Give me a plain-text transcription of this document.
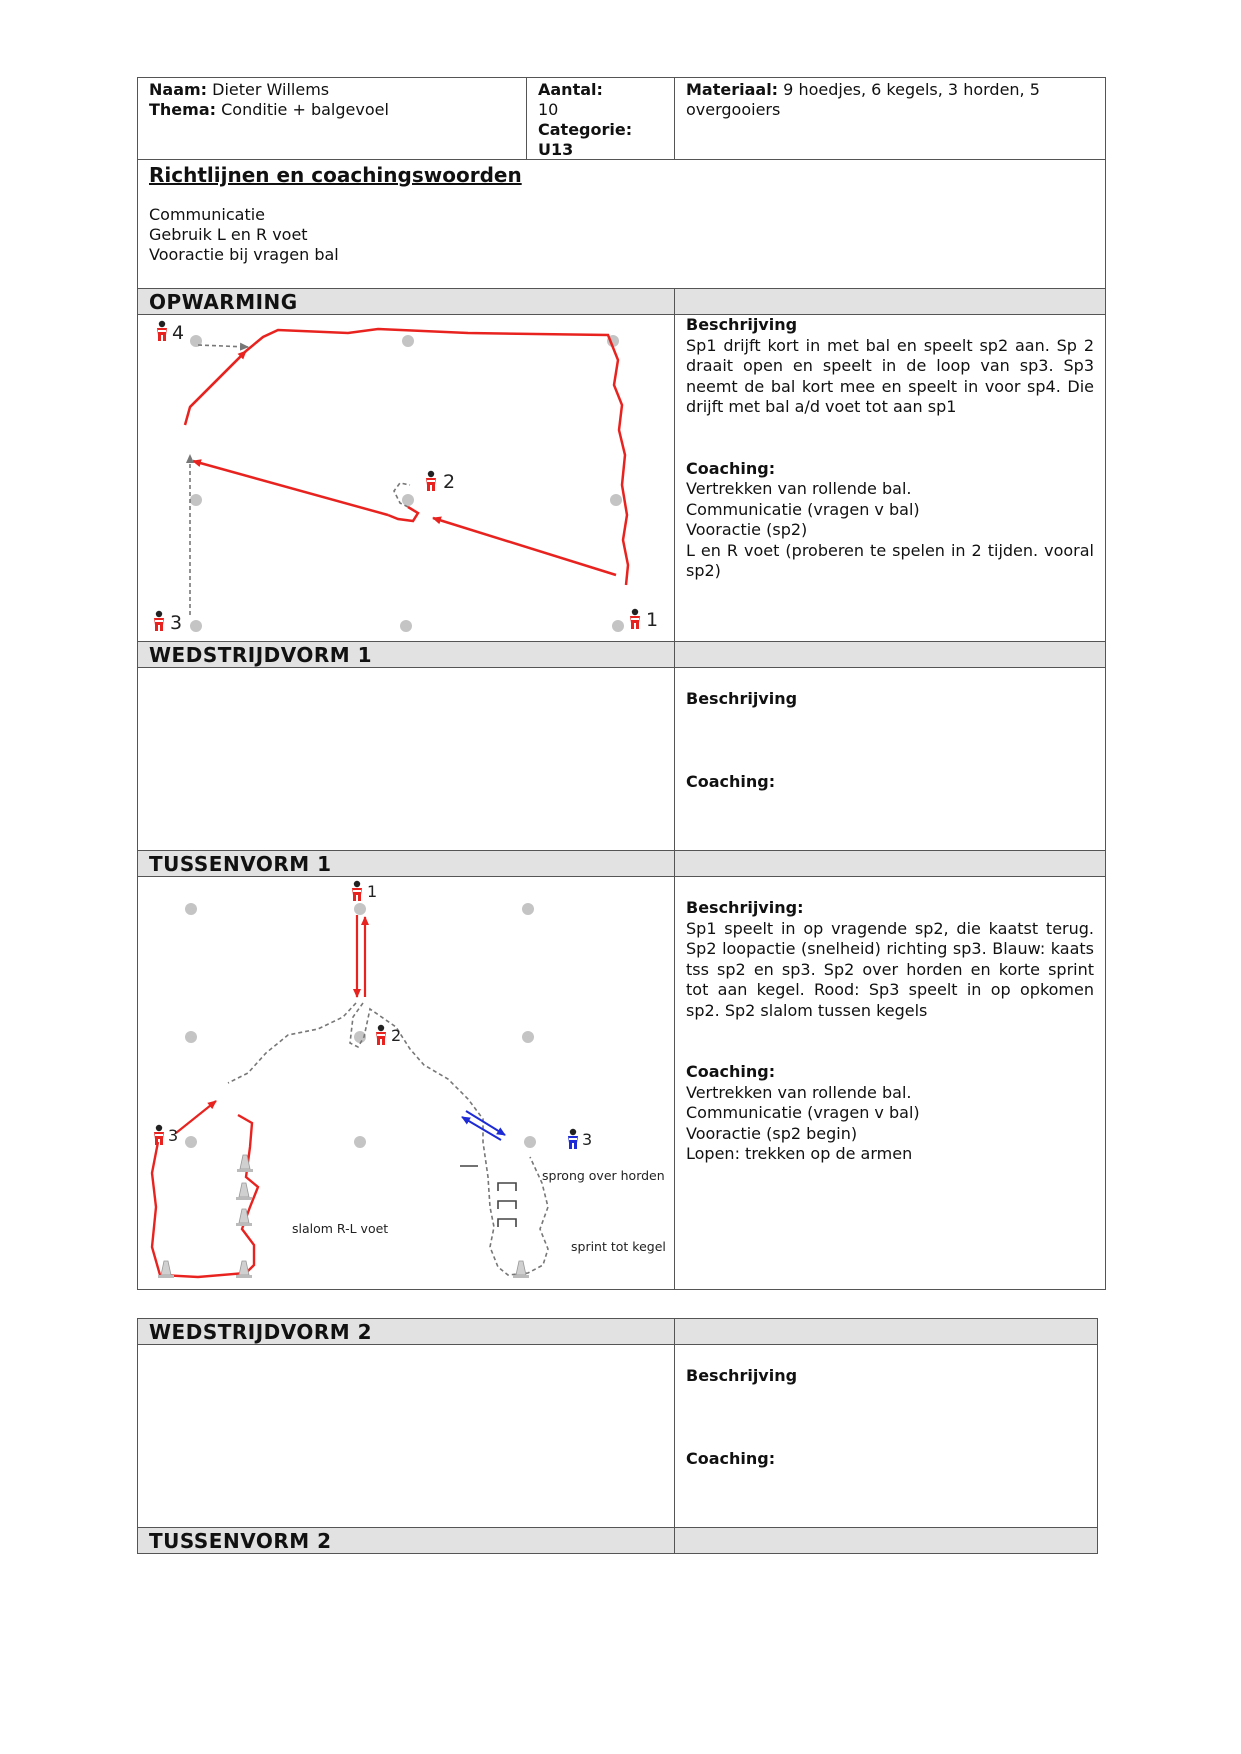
Naam: Dieter Willems
Thema: Conditie + balgevoel
Aantal:
10
Categorie:
U13
Materiaal: 9 hoedjes, 6 kegels, 3 horden, 5 overgooiers
Richtlijnen en coachingswoorden
Communicatie
Gebruik L en R voet
Vooractie bij vragen bal
OPWARMING
4
2
3	1
Beschrijving
Sp1 drijft kort in met bal en speelt sp2 aan. Sp 2 draait open en speelt in de loop van sp3. Sp3 neemt de bal kort mee en speelt in voor sp4. Die drijft met bal a/d voet tot aan sp1
Coaching:
Vertrekken van rollende bal.
Communicatie (vragen v bal)
Vooractie (sp2)
L en R voet (proberen te spelen in 2 tijden. vooral sp2)
WEDSTRIJDVORM 1
Beschrijving
Coaching:
TUSSENVORM 1
1
2
3	3
sprong over horden
slalom R-L voet
sprint tot kegel
Beschrijving:
Sp1 speelt in op vragende sp2, die kaatst terug. Sp2 loopactie (snelheid) richting sp3. Blauw: kaats tss sp2 en sp3. Sp2 over horden en korte sprint tot aan kegel. Rood: Sp3 speelt in op opkomen sp2. Sp2 slalom tussen kegels
Coaching:
Vertrekken van rollende bal.
Communicatie (vragen v bal)
Vooractie (sp2 begin)
Lopen: trekken op de armen
WEDSTRIJDVORM 2
Beschrijving
Coaching:
TUSSENVORM 2
